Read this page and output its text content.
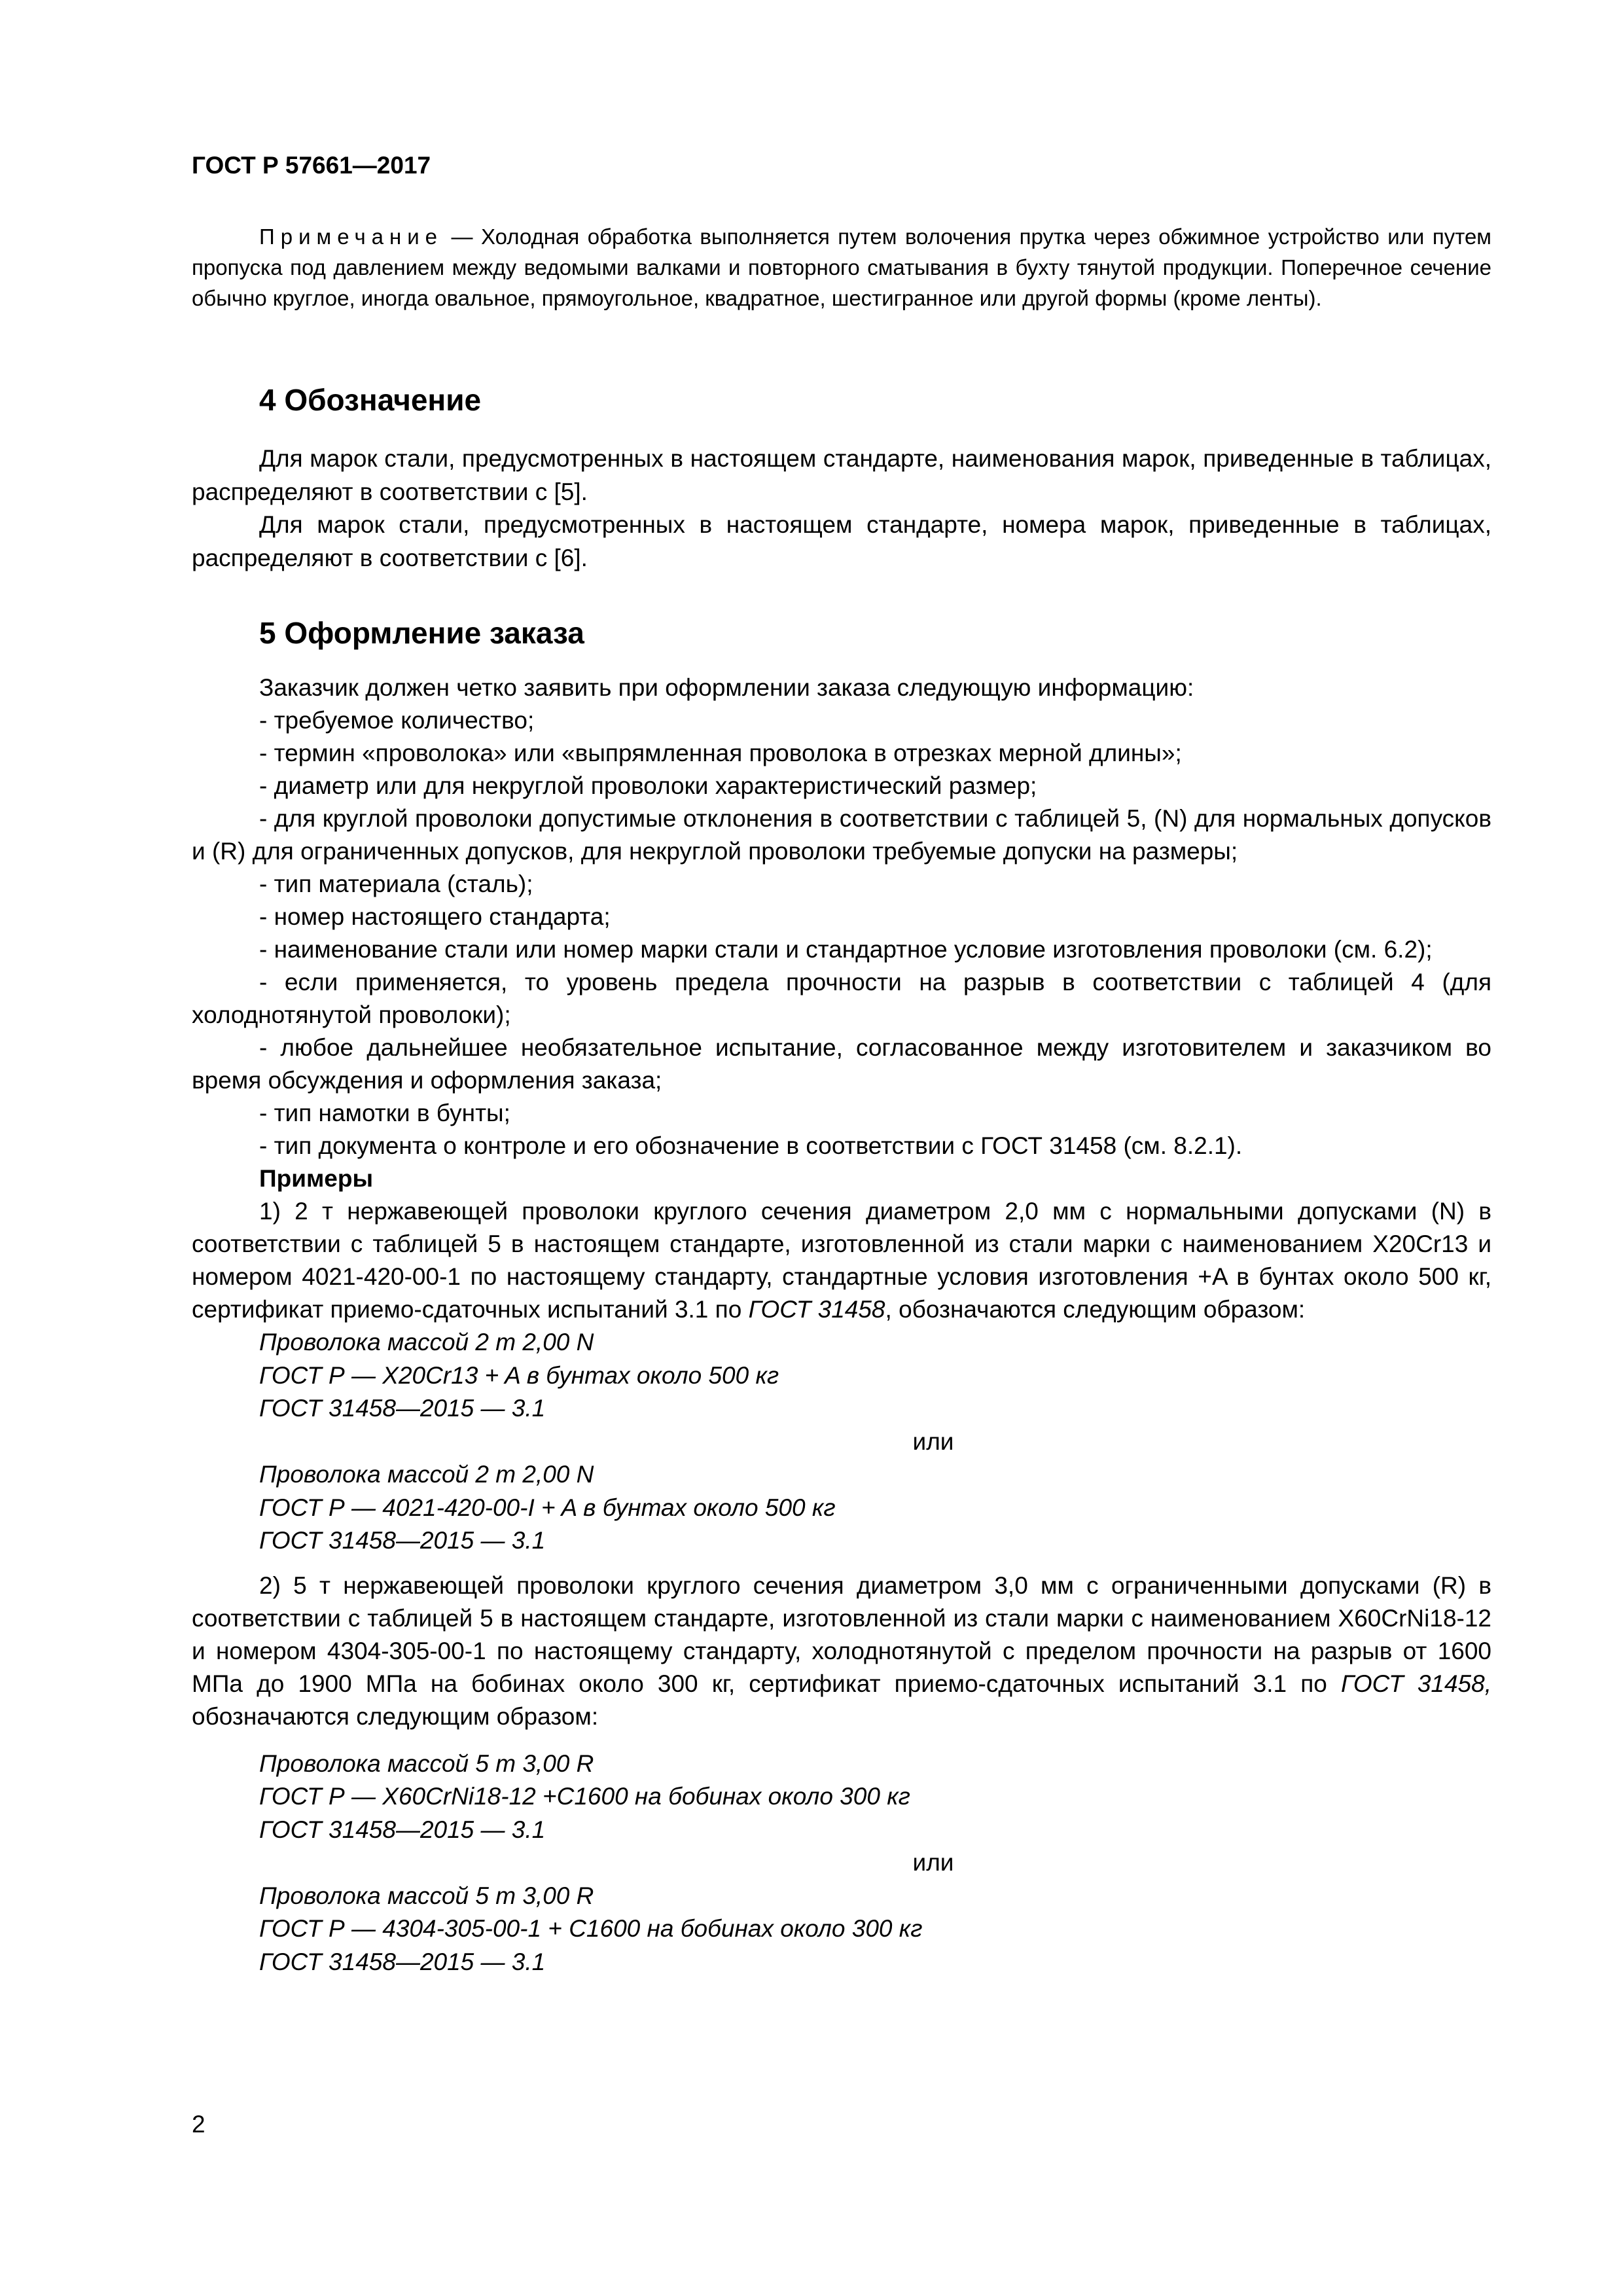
ГОСТ Р 57661—2017
Примечание — Холодная обработка выполняется путем волочения прутка через обжимное устройство или путем пропуска под давлением между ведомыми валками и повторного сматывания в бухту тянутой продукции. Поперечное сечение обычно круглое, иногда овальное, прямоугольное, квадратное, шестигранное или другой формы (кроме ленты).
4 Обозначение

Для марок стали, предусмотренных в настоящем стандарте, наименования марок, приведенные в таблицах, распределяют в соответствии с [5].

Для марок стали, предусмотренных в настоящем стандарте, номера марок, приведенные в таблицах, распределяют в соответствии с [6].

5 Оформление заказа

Заказчик должен четко заявить при оформлении заказа следующую информацию:

- требуемое количество;

- термин «проволока» или «выпрямленная проволока в отрезках мерной длины»;

- диаметр или для некруглой проволоки характеристический размер;

- для круглой проволоки допустимые отклонения в соответствии с таблицей 5, (N) для нормальных допусков и (R) для ограниченных допусков, для некруглой проволоки требуемые допуски на размеры;

- тип материала (сталь);

- номер настоящего стандарта;

- наименование стали или номер марки стали и стандартное условие изготовления проволоки (см. 6.2);

- если применяется, то уровень предела прочности на разрыв в соответствии с таблицей 4 (для холоднотянутой проволоки);

- любое дальнейшее необязательное испытание, согласованное между изготовителем и заказчиком во время обсуждения и оформления заказа;

- тип намотки в бунты;

- тип документа о контроле и его обозначение в соответствии с ГОСТ 31458 (см. 8.2.1).

Примеры

1) 2 т нержавеющей проволоки круглого сечения диаметром 2,0 мм с нормальными допусками (N) в соответствии с таблицей 5 в настоящем стандарте, изготовленной из стали марки с наименованием X20Cr13 и номером 4021-420-00-1 по настоящему стандарту, стандартные условия изготовления +A в бунтах около 500 кг, сертификат приемо-сдаточных испытаний 3.1 по ГОСТ 31458, обозначаются следующим образом:

Проволока массой 2 т 2,00 N
ГОСТ Р — X20Cr13 + A в бунтах около 500 кг
ГОСТ 31458—2015 — 3.1
или
Проволока массой 2 т 2,00 N
ГОСТ Р — 4021-420-00-I + A в бунтах около 500 кг
ГОСТ 31458—2015 — 3.1

2) 5 т нержавеющей проволоки круглого сечения диаметром 3,0 мм с ограниченными допусками (R) в соответствии с таблицей 5 в настоящем стандарте, изготовленной из стали марки с наименованием X60CrNi18-12 и номером 4304-305-00-1 по настоящему стандарту, холоднотянутой с пределом прочности на разрыв от 1600 МПа до 1900 МПа на бобинах около 300 кг, сертификат приемо-сдаточных испытаний 3.1 по ГОСТ 31458, обозначаются следующим образом:

Проволока массой 5 т 3,00 R
ГОСТ Р — X60CrNi18-12 +C1600 на бобинах около 300 кг
ГОСТ 31458—2015 — 3.1
или
Проволока массой 5 т 3,00 R
ГОСТ Р — 4304-305-00-1 + C1600 на бобинах около 300 кг
ГОСТ 31458—2015 — 3.1
2
